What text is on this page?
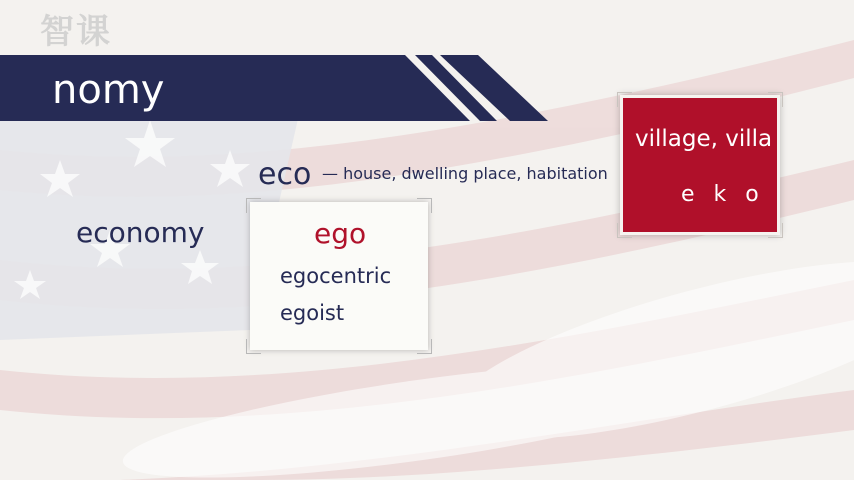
智课
nomy
eco — house, dwelling place, habitation
economy	ego
egocentric
egoist
village, villa
e k o
